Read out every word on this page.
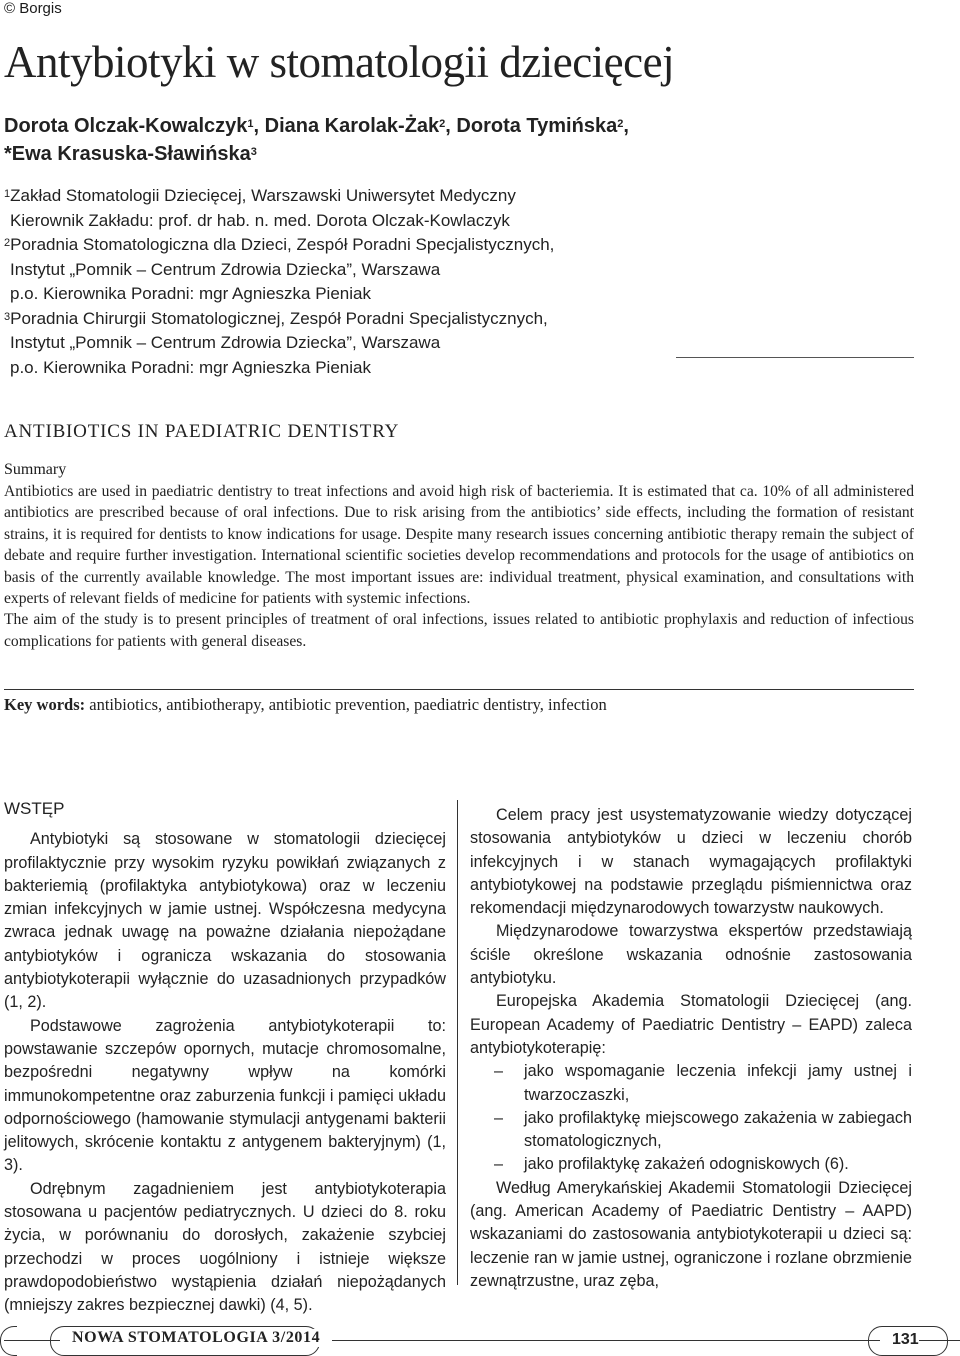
© Borgis
Antybiotyki w stomatologii dziecięcej
Dorota Olczak-Kowalczyk$^1$, Diana Karolak-Żak$^2$, Dorota Tymińska$^2$,
*Ewa Krasuska-Sławińska$^3$
$^1$Zakład Stomatologii Dziecięcej, Warszawski Uniwersytet Medyczny
Kierownik Zakładu: prof. dr hab. n. med. Dorota Olczak-Kowlaczyk
$^2$Poradnia Stomatologiczna dla Dzieci, Zespół Poradni Specjalistycznych,
Instytut „Pomnik – Centrum Zdrowia Dziecka”, Warszawa
p.o. Kierownika Poradni: mgr Agnieszka Pieniak
$^3$Poradnia Chirurgii Stomatologicznej, Zespół Poradni Specjalistycznych,
Instytut „Pomnik – Centrum Zdrowia Dziecka”, Warszawa
p.o. Kierownika Poradni: mgr Agnieszka Pieniak
ANTIBIOTICS IN PAEDIATRIC DENTISTRY
Summary

Antibiotics are used in paediatric dentistry to treat infections and avoid high risk of bacteriemia. It is estimated that ca. 10% of all administered antibiotics are prescribed because of oral infections. Due to risk arising from the antibiotics’ side effects, including the formation of resistant strains, it is required for dentists to know indications for usage. Despite many research issues concerning antibiotic therapy remain the subject of debate and require further investigation. International scientific societies develop recommendations and protocols for the usage of antibiotics on basis of the currently available knowledge. The most important issues are: individual treatment, physical examination, and consultations with experts of relevant fields of medicine for patients with systemic infections.

The aim of the study is to present principles of treatment of oral infections, issues related to antibiotic prophylaxis and reduction of infectious complications for patients with general diseases.

Key words: antibiotics, antibiotherapy, antibiotic prevention, paediatric dentistry, infection

WSTĘP

Antybiotyki są stosowane w stomatologii dziecięcej profilaktycznie przy wysokim ryzyku powikłań związanych z bakteriemią (profilaktyka antybiotykowa) oraz w leczeniu zmian infekcyjnych w jamie ustnej. Współczesna medycyna zwraca jednak uwagę na poważne działania niepożądane antybiotyków i ogranicza wskazania do stosowania antybiotykoterapii wyłącznie do uzasadnionych przypadków (1, 2).

Podstawowe zagrożenia antybiotykoterapii to: powstawanie szczepów opornych, mutacje chromosomalne, bezpośredni negatywny wpływ na komórki immunokompetentne oraz zaburzenia funkcji i pamięci układu odpornościowego (hamowanie stymulacji antygenami bakterii jelitowych, skrócenie kontaktu z antygenem bakteryjnym) (1, 3).

Odrębnym zagadnieniem jest antybiotykoterapia stosowana u pacjentów pediatrycznych. U dzieci do 8. roku życia, w porównaniu do dorosłych, zakażenie szybciej przechodzi w proces uogólniony i istnieje większe prawdopodobieństwo wystąpienia działań niepożądanych (mniejszy zakres bezpiecznej dawki) (4, 5).

Celem pracy jest usystematyzowanie wiedzy dotyczącej stosowania antybiotyków u dzieci w leczeniu chorób infekcyjnych i w stanach wymagających profilaktyki antybiotykowej na podstawie przeglądu piśmiennictwa oraz rekomendacji międzynarodowych towarzystw naukowych.

Międzynarodowe towarzystwa ekspertów przedstawiają ściśle określone wskazania odnośnie zastosowania antybiotyku.

Europejska Akademia Stomatologii Dziecięcej (ang. European Academy of Paediatric Dentistry – EAPD) zaleca antybiotykoterapię:

– jako wspomaganie leczenia infekcji jamy ustnej i twarzoczaszki,

– jako profilaktykę miejscowego zakażenia w zabiegach stomatologicznych,

– jako profilaktykę zakażeń odogniskowych (6).

Według Amerykańskiej Akademii Stomatologii Dziecięcej (ang. American Academy of Paediatric Dentistry – AAPD) wskazaniami do zastosowania antybiotykoterapii u dzieci są: leczenie ran w jamie ustnej, ograniczone i rozlane obrzmienie zewnątrzustne, uraz zęba,

NOWA STOMATOLOGIA 3/2014	131
